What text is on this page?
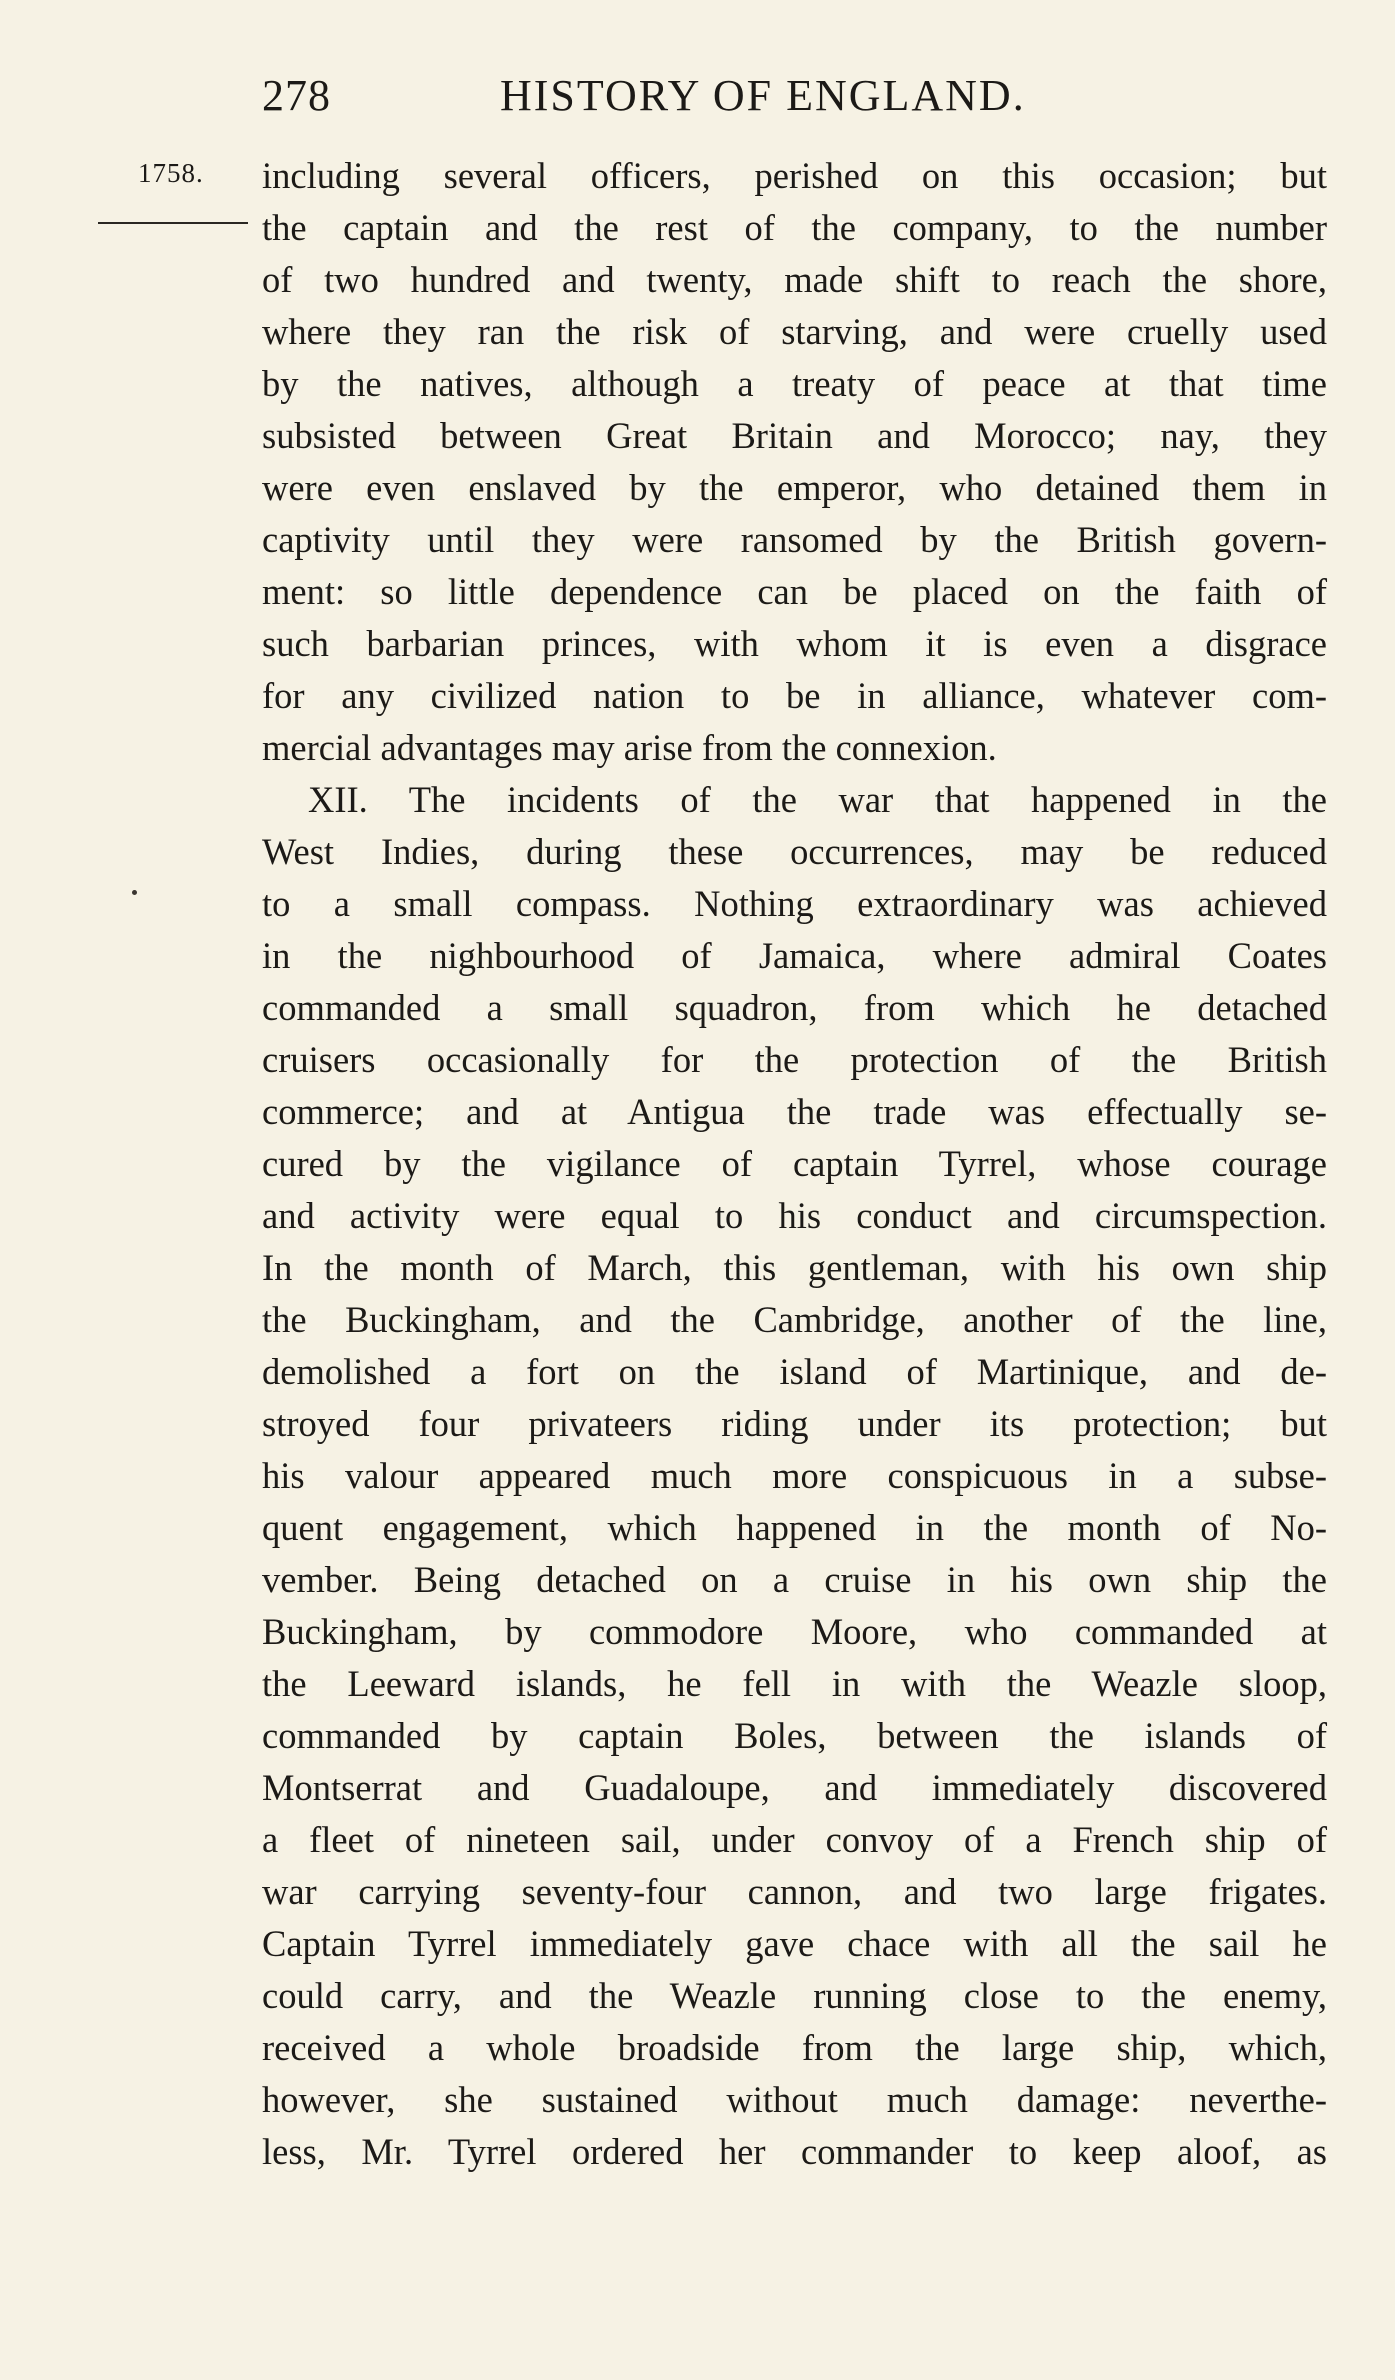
278	HISTORY OF ENGLAND.
1758. including several officers, perished on this occasion; but
the captain and the rest of the company, to the number
of two hundred and twenty, made shift to reach the shore,
where they ran the risk of starving, and were cruelly used
by the natives, although a treaty of peace at that time
subsisted between Great Britain and Morocco; nay, they
were even enslaved by the emperor, who detained them in
captivity until they were ransomed by the British govern-
ment: so little dependence can be placed on the faith of
such barbarian princes, with whom it is even a disgrace
for any civilized nation to be in alliance, whatever com-
mercial advantages may arise from the connexion.
XII. The incidents of the war that happened in the
West Indies, during these occurrences, may be reduced
to a small compass. Nothing extraordinary was achieved
in the nighbourhood of Jamaica, where admiral Coates
commanded a small squadron, from which he detached
cruisers occasionally for the protection of the British
commerce; and at Antigua the trade was effectually se-
cured by the vigilance of captain Tyrrel, whose courage
and activity were equal to his conduct and circumspection.
In the month of March, this gentleman, with his own ship
the Buckingham, and the Cambridge, another of the line,
demolished a fort on the island of Martinique, and de-
stroyed four privateers riding under its protection; but
his valour appeared much more conspicuous in a subse-
quent engagement, which happened in the month of No-
vember. Being detached on a cruise in his own ship the
Buckingham, by commodore Moore, who commanded at
the Leeward islands, he fell in with the Weazle sloop,
commanded by captain Boles, between the islands of
Montserrat and Guadaloupe, and immediately discovered
a fleet of nineteen sail, under convoy of a French ship of
war carrying seventy-four cannon, and two large frigates.
Captain Tyrrel immediately gave chace with all the sail he
could carry, and the Weazle running close to the enemy,
received a whole broadside from the large ship, which,
however, she sustained without much damage: neverthe-
less, Mr. Tyrrel ordered her commander to keep aloof, as
